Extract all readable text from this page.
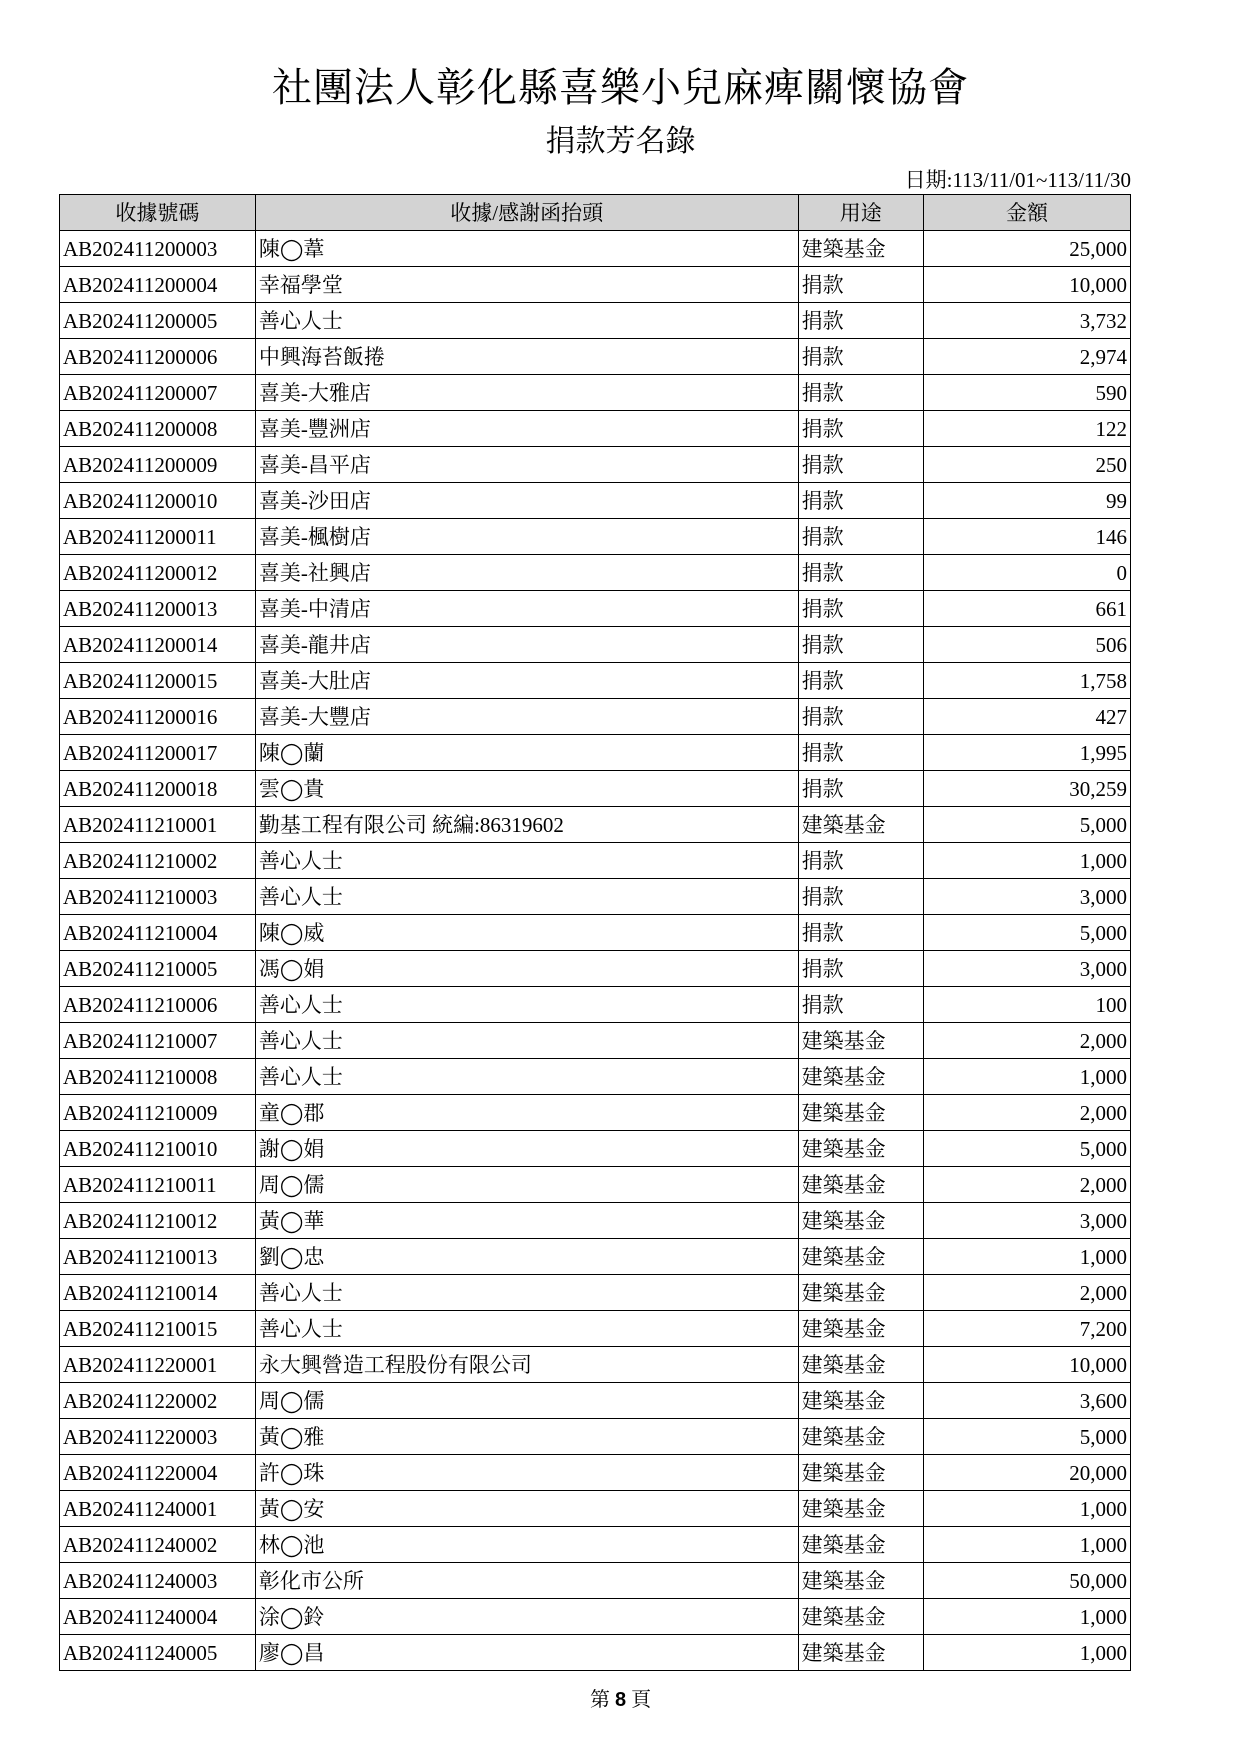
社團法人彰化縣喜樂小兒麻痺關懷協會
捐款芳名錄
日期:113/11/01~113/11/30
收據號碼	收據/感謝函抬頭	用途	金額
AB202411200003	陳◯葦	建築基金	25,000
AB202411200004	幸福學堂	捐款	10,000
AB202411200005	善心人士	捐款	3,732
AB202411200006	中興海苔飯捲	捐款	2,974
AB202411200007	喜美-大雅店	捐款	590
AB202411200008	喜美-豐洲店	捐款	122
AB202411200009	喜美-昌平店	捐款	250
AB202411200010	喜美-沙田店	捐款	99
AB202411200011	喜美-楓樹店	捐款	146
AB202411200012	喜美-社興店	捐款	0
AB202411200013	喜美-中清店	捐款	661
AB202411200014	喜美-龍井店	捐款	506
AB202411200015	喜美-大肚店	捐款	1,758
AB202411200016	喜美-大豐店	捐款	427
AB202411200017	陳◯蘭	捐款	1,995
AB202411200018	雲◯貴	捐款	30,259
AB202411210001	勤基工程有限公司 統編:86319602	建築基金	5,000
AB202411210002	善心人士	捐款	1,000
AB202411210003	善心人士	捐款	3,000
AB202411210004	陳◯威	捐款	5,000
AB202411210005	馮◯娟	捐款	3,000
AB202411210006	善心人士	捐款	100
AB202411210007	善心人士	建築基金	2,000
AB202411210008	善心人士	建築基金	1,000
AB202411210009	童◯郡	建築基金	2,000
AB202411210010	謝◯娟	建築基金	5,000
AB202411210011	周◯儒	建築基金	2,000
AB202411210012	黃◯華	建築基金	3,000
AB202411210013	劉◯忠	建築基金	1,000
AB202411210014	善心人士	建築基金	2,000
AB202411210015	善心人士	建築基金	7,200
AB202411220001	永大興營造工程股份有限公司	建築基金	10,000
AB202411220002	周◯儒	建築基金	3,600
AB202411220003	黃◯雅	建築基金	5,000
AB202411220004	許◯珠	建築基金	20,000
AB202411240001	黃◯安	建築基金	1,000
AB202411240002	林◯池	建築基金	1,000
AB202411240003	彰化市公所	建築基金	50,000
AB202411240004	涂◯鈴	建築基金	1,000
AB202411240005	廖◯昌	建築基金	1,000
第 8 頁
